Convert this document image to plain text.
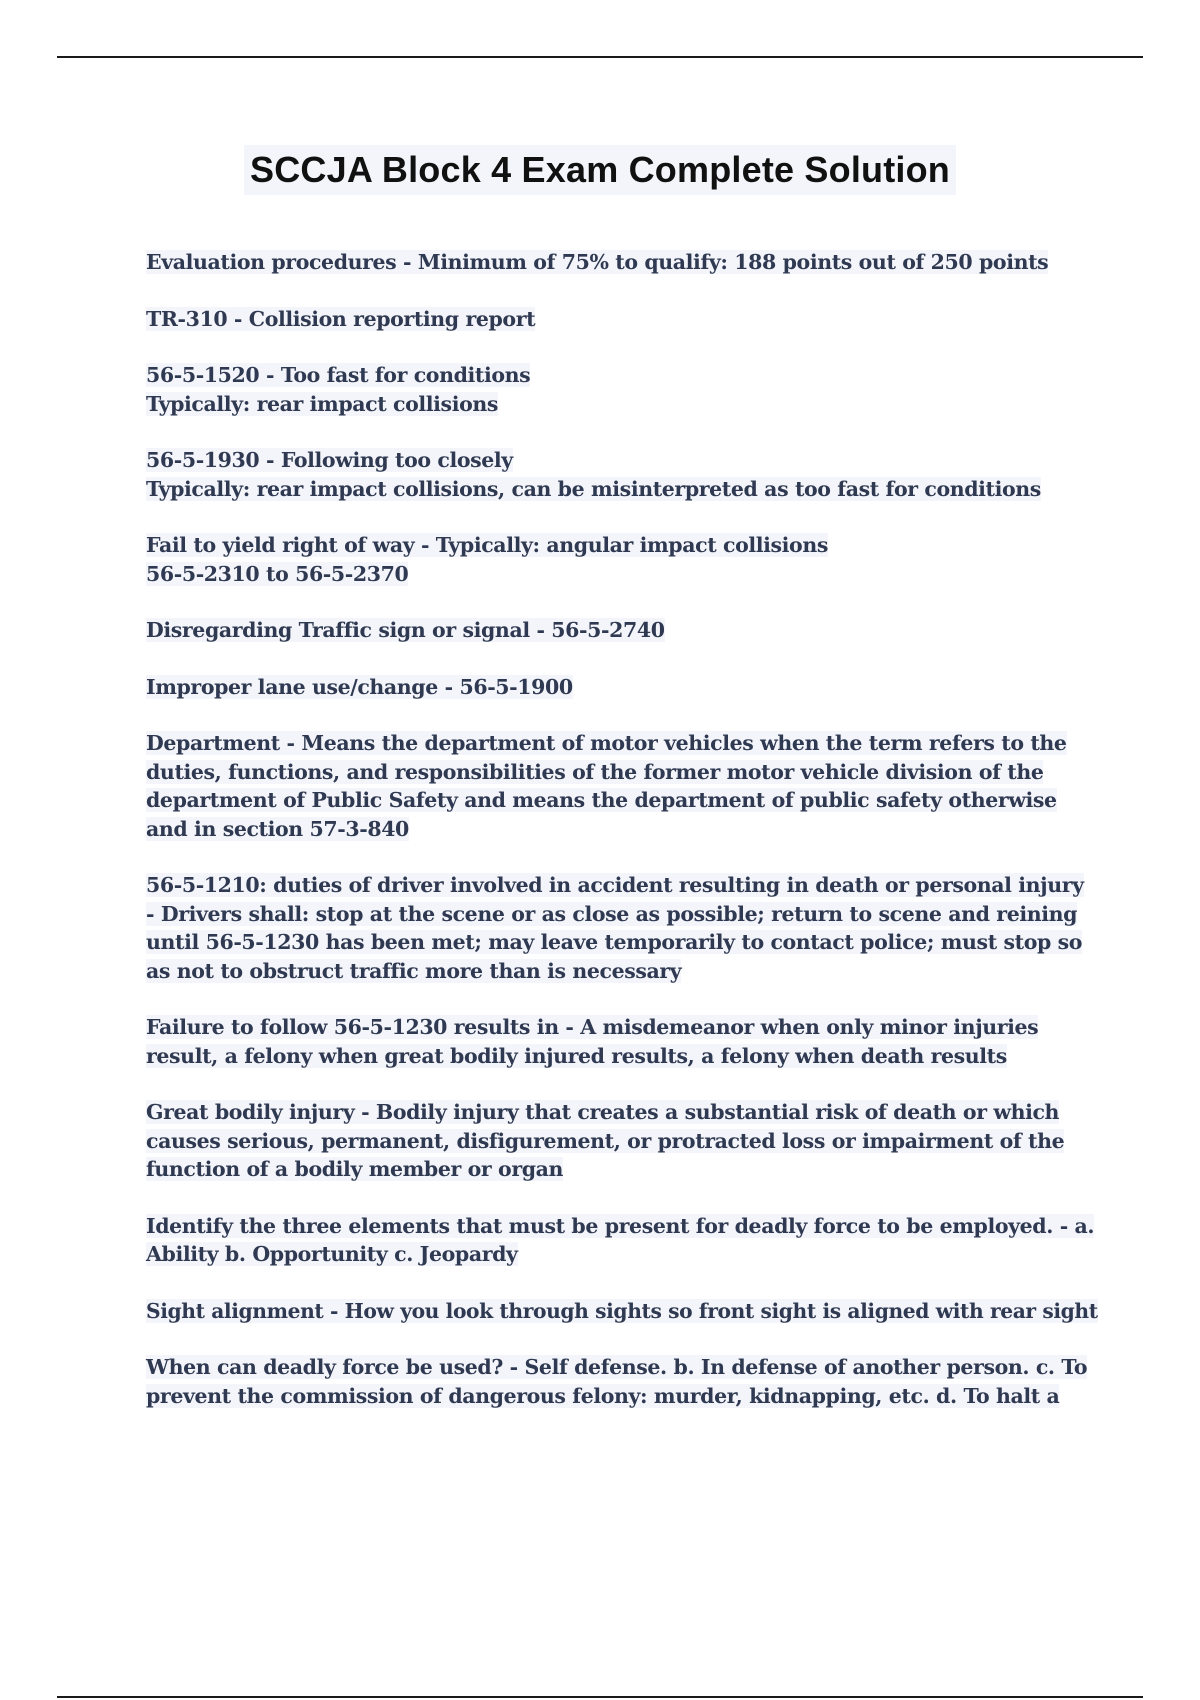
SCCJA Block 4 Exam Complete Solution
Evaluation procedures - Minimum of 75% to qualify: 188 points out of 250 points
TR-310 - Collision reporting report
56-5-1520 - Too fast for conditions
Typically: rear impact collisions
56-5-1930 - Following too closely
Typically: rear impact collisions, can be misinterpreted as too fast for conditions
Fail to yield right of way - Typically: angular impact collisions
56-5-2310 to 56-5-2370
Disregarding Traffic sign or signal - 56-5-2740
Improper lane use/change - 56-5-1900
Department - Means the department of motor vehicles when the term refers to the
duties, functions, and responsibilities of the former motor vehicle division of the
department of Public Safety and means the department of public safety otherwise
and in section 57-3-840
56-5-1210: duties of driver involved in accident resulting in death or personal injury
- Drivers shall: stop at the scene or as close as possible; return to scene and reining
until 56-5-1230 has been met; may leave temporarily to contact police; must stop so
as not to obstruct traffic more than is necessary
Failure to follow 56-5-1230 results in - A misdemeanor when only minor injuries
result, a felony when great bodily injured results, a felony when death results
Great bodily injury - Bodily injury that creates a substantial risk of death or which
causes serious, permanent, disfigurement, or protracted loss or impairment of the
function of a bodily member or organ
Identify the three elements that must be present for deadly force to be employed. - a.
Ability b. Opportunity c. Jeopardy
Sight alignment - How you look through sights so front sight is aligned with rear sight
When can deadly force be used? - Self defense. b. In defense of another person. c. To
prevent the commission of dangerous felony: murder, kidnapping, etc. d. To halt a
